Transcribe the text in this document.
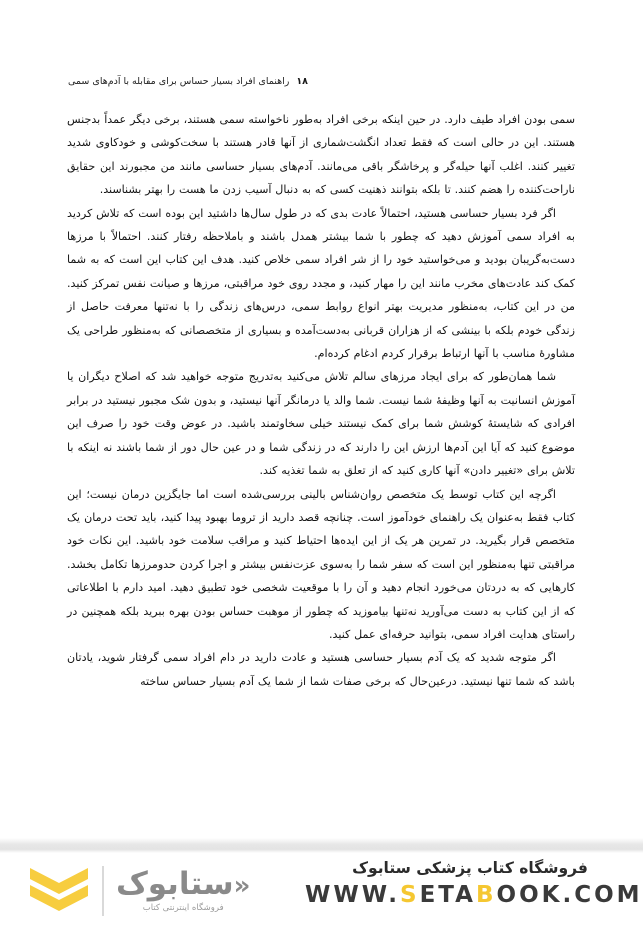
۱۸
راهنمای افراد بسیار حساس برای مقابله با آدم‌های سمی

سمی بودن افراد طیف دارد. در حین اینکه برخی افراد به‌طور ناخواسته سمی هستند، برخی دیگر عمداً بدجنس هستند. این در حالی است که فقط تعداد انگشت‌شماری از آنها قادر هستند با سخت‌کوشی و خودکاوی شدید تغییر کنند. اغلب آنها حیله‌گر و پرخاشگر باقی می‌مانند. آدم‌های بسیار حساسی مانند من مجبورند این حقایق ناراحت‌کننده را هضم کنند. تا بلکه بتوانند ذهنیت کسی که به دنبال آسیب زدن ما هست را بهتر بشناسند.

اگر فرد بسیار حساسی هستید، احتمالاً عادت بدی که در طول سال‌ها داشتید این بوده است که تلاش کردید به افراد سمی آموزش دهید که چطور با شما بیشتر همدل باشند و باملاحظه رفتار کنند. احتمالاً با مرزها دست‌به‌گریبان بودید و می‌خواستید خود را از شر افراد سمی خلاص کنید. هدف این کتاب این است که به شما کمک کند عادت‌های مخرب مانند این را مهار کنید، و مجدد روی خود مراقبتی، مرزها و صیانت نفس تمرکز کنید. من در این کتاب، به‌منظور مدیریت بهتر انواع روابط سمی، درس‌های زندگی را با نه‌تنها معرفت حاصل از زندگی خودم بلکه با بینشی که از هزاران قربانی به‌دست‌آمده و بسیاری از متخصصانی که به‌منظور طراحی یک مشاورهٔ مناسب با آنها ارتباط برقرار کردم ادغام کرده‌ام.

شما همان‌طور که برای ایجاد مرزهای سالم تلاش می‌کنید به‌تدریج متوجه خواهید شد که اصلاح دیگران یا آموزش انسانیت به آنها وظیفهٔ شما نیست. شما والد یا درمانگر آنها نیستید، و بدون شک مجبور نیستید در برابر افرادی که شایستهٔ کوشش شما برای کمک نیستند خیلی سخاوتمند باشید. در عوض وقت خود را صرف این موضوع کنید که آیا این آدم‌ها ارزش این را دارند که در زندگی شما و در عین حال دور از شما باشند نه اینکه با تلاش برای «تغییر دادن» آنها کاری کنید که از تعلق به شما تغذیه کند.

اگرچه این کتاب توسط یک متخصص روان‌شناس بالینی بررسی‌شده است اما جایگزین درمان نیست؛ این کتاب فقط به‌عنوان یک راهنمای خودآموز است. چنانچه قصد دارید از تروما بهبود پیدا کنید، باید تحت درمان یک متخصص قرار بگیرید. در تمرین هر یک از این ایده‌ها احتیاط کنید و مراقب سلامت خود باشید. این نکات خود مراقبتی تنها به‌منظور این است که سفر شما را به‌سوی عزت‌نفس بیشتر و اجرا کردن حدومرزها تکامل بخشد. کارهایی که به دردتان می‌خورد انجام دهید و آن را با موقعیت شخصی خود تطبیق دهید. امید دارم با اطلاعاتی که از این کتاب به دست می‌آورید نه‌تنها بیاموزید که چطور از موهبت حساس بودن بهره ببرید بلکه همچنین در راستای هدایت افراد سمی، بتوانید حرفه‌ای عمل کنید.

اگر متوجه شدید که یک آدم بسیار حساسی هستید و عادت دارید در دام افراد سمی گرفتار شوید، یادتان باشد که شما تنها نیستید. درعین‌حال که برخی صفات شما از شما یک آدم بسیار حساس ساخته

«ستابوک
فروشگاه اینترنتی کتاب
فروشگاه کتاب پزشکی ستابوک
WWW.SETABOOK.COM
